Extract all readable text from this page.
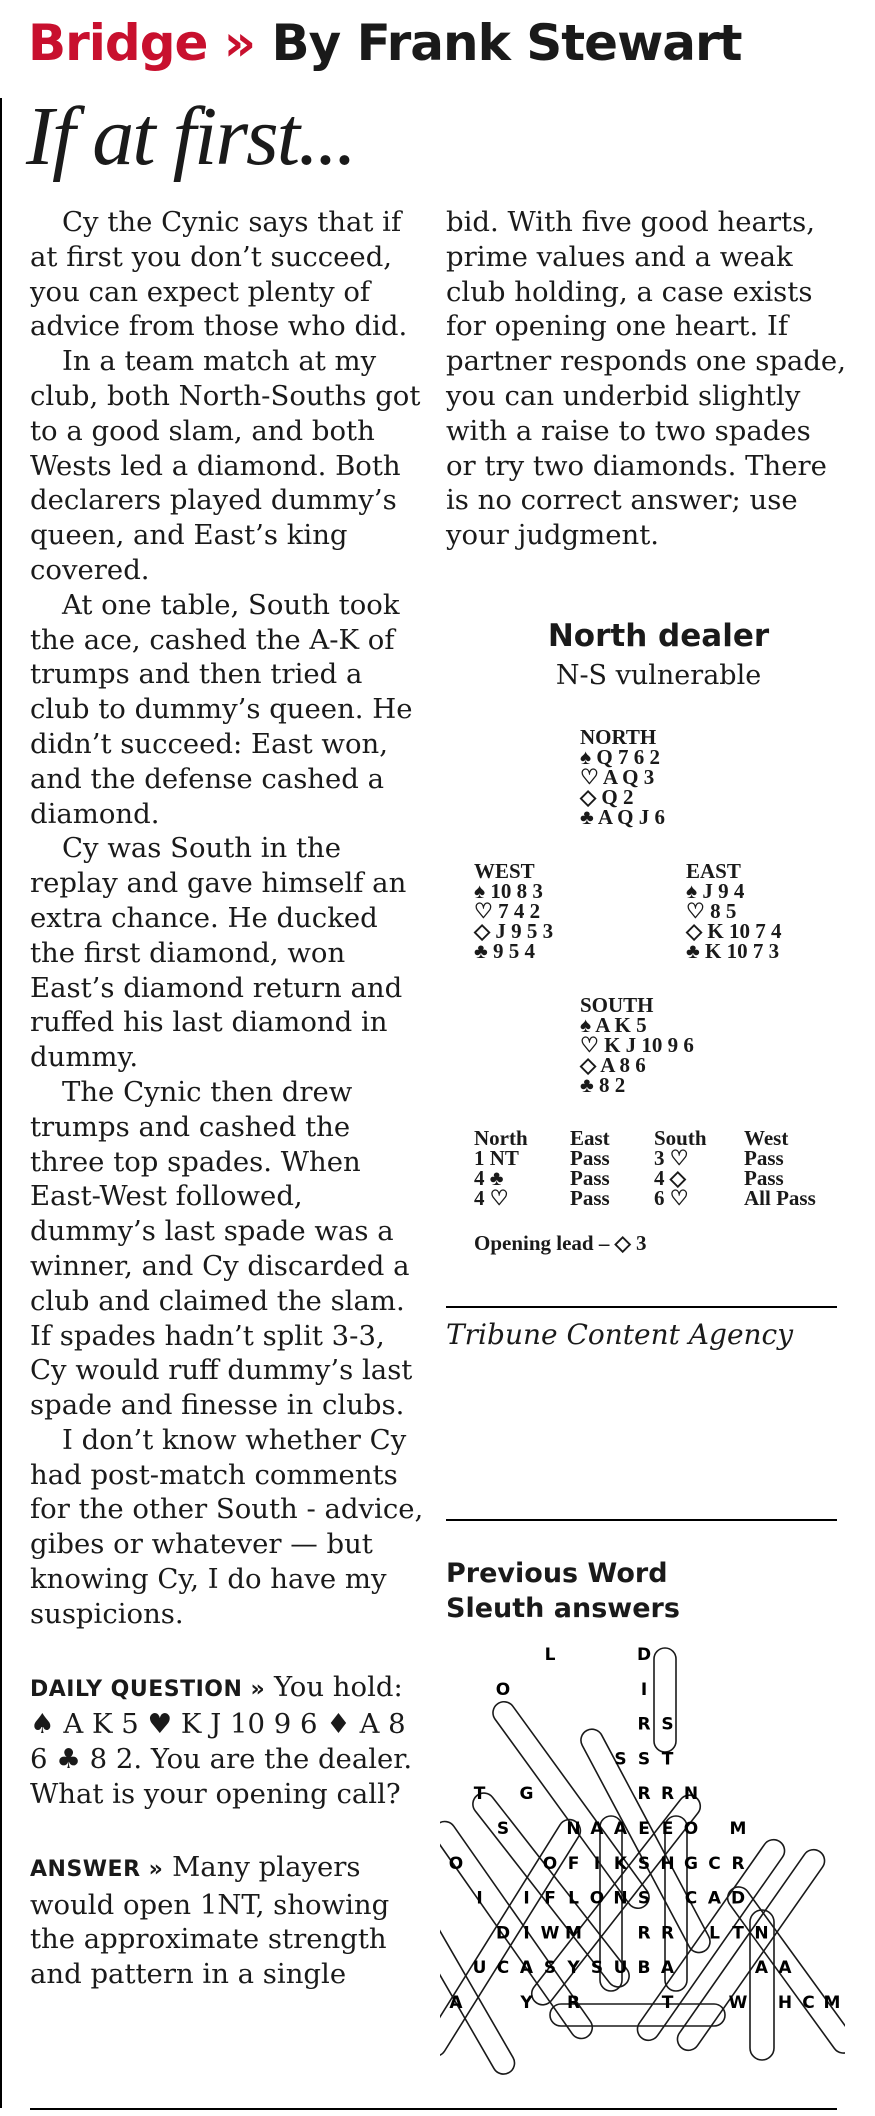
Bridge » By Frank Stewart
If at first...

Cy the Cynic says that if at first you don’t succeed, you can expect plenty of advice from those who did.

In a team match at my club, both North-Souths got to a good slam, and both Wests led a diamond. Both declarers played dummy’s queen, and East’s king covered.

At one table, South took the ace, cashed the A-K of trumps and then tried a club to dummy’s queen. He didn’t succeed: East won, and the defense cashed a diamond.

Cy was South in the replay and gave himself an extra chance. He ducked the first diamond, won East’s diamond return and ruffed his last diamond in dummy.

The Cynic then drew trumps and cashed the three top spades. When East-West followed, dummy’s last spade was a winner, and Cy discarded a club and claimed the slam. If spades hadn’t split 3-3, Cy would ruff dummy’s last spade and finesse in clubs.

I don’t know whether Cy had post-match comments for the other South - advice, gibes or whatever — but knowing Cy, I do have my suspicions.

DAILY QUESTION » You hold: ♠ A K 5 ♥ K J 10 9 6 ♦ A 8 6 ♣ 8 2. You are the dealer. What is your opening call?

ANSWER » Many players would open 1NT, showing the approximate strength and pattern in a single

bid. With five good hearts, prime values and a weak club holding, a case exists for opening one heart. If partner responds one spade, you can underbid slightly with a raise to two spades or try two diamonds. There is no correct answer; use your judgment.

North dealer
N-S vulnerable
NORTH
♠ Q 7 6 2
♡ A Q 3
◇ Q 2
♣ A Q J 6
WEST
♠ 10 8 3
♡ 7 4 2
◇ J 9 5 3
♣ 9 5 4
EAST
♠ J 9 4
♡ 8 5
◇ K 10 7 4
♣ K 10 7 3
SOUTH
♠ A K 5
♡ K J 10 9 6
◇ A 8 6
♣ 8 2
North East South West
1 NT Pass 3 ♡	Pass
4 ♣	Pass 4 ◇	Pass
4 ♡	Pass 6 ♡	All Pass
Opening lead – ◇ 3
Tribune Content Agency
Previous Word
Sleuth answers
L	D
O	I
R S
S S T
T G	R R N
S	N A A E E O M
O	O F I K S H G C R
I I F L O N S C A D
D I W M	R R L T N
U C A S Y S U B A	A A
A	Y R	T	W H C M
